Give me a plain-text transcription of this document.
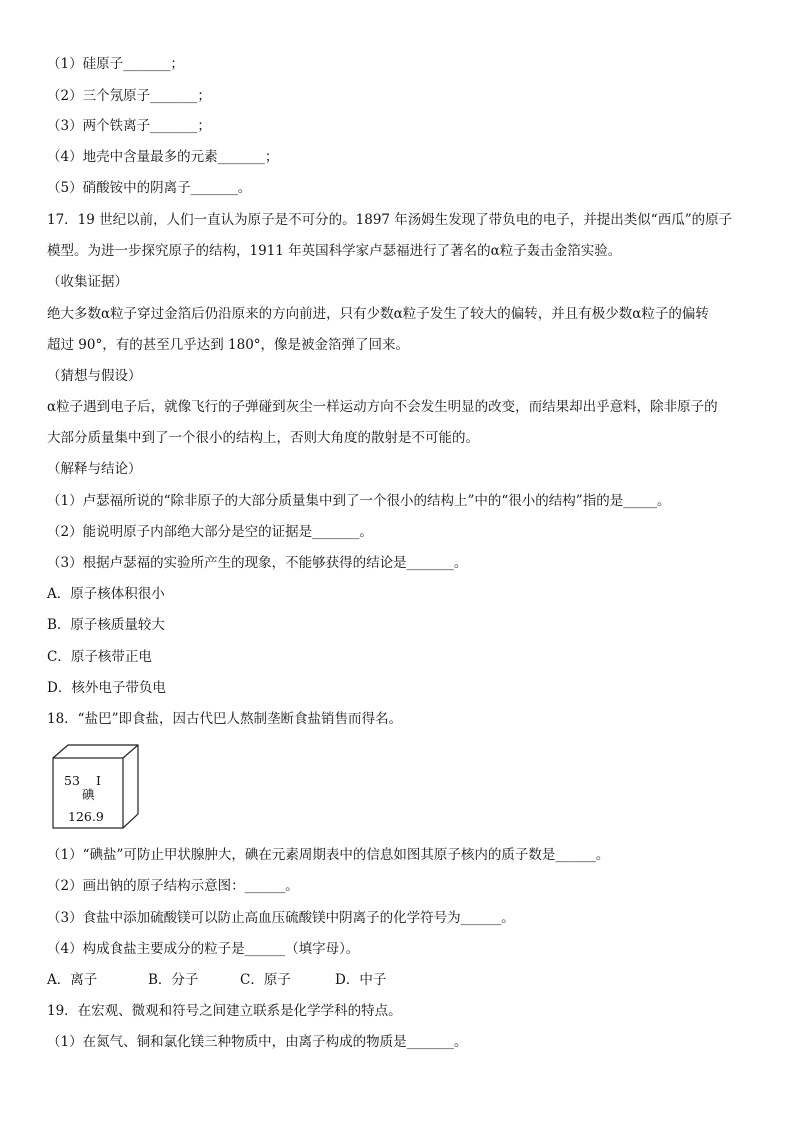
（1）硅原子_______；
（2）三个氖原子_______；
（3）两个铁离子_______；
（4）地壳中含量最多的元素_______；
（5）硝酸铵中的阴离子_______。
17．19 世纪以前，人们一直认为原子是不可分的。1897 年汤姆生发现了带负电的电子，并提出类似“西瓜”的原子
模型。为进一步探究原子的结构，1911 年英国科学家卢瑟福进行了著名的α粒子轰击金箔实验。
（收集证据）
绝大多数α粒子穿过金箔后仍沿原来的方向前进，只有少数α粒子发生了较大的偏转，并且有极少数α粒子的偏转
超过 90°，有的甚至几乎达到 180°，像是被金箔弹了回来。
（猜想与假设）
α粒子遇到电子后，就像飞行的子弹碰到灰尘一样运动方向不会发生明显的改变，而结果却出乎意料，除非原子的
大部分质量集中到了一个很小的结构上，否则大角度的散射是不可能的。
（解释与结论）
（1）卢瑟福所说的“除非原子的大部分质量集中到了一个很小的结构上”中的“很小的结构”指的是_____。
（2）能说明原子内部绝大部分是空的证据是_______。
（3）根据卢瑟福的实验所产生的现象，不能够获得的结论是_______。
A．原子核体积很小
B．原子核质量较大
C．原子核带正电
D．核外电子带负电
18．“盐巴”即食盐，因古代巴人熬制垄断食盐销售而得名。
53 I
碘
126.9
（1）“碘盐”可防止甲状腺肿大，碘在元素周期表中的信息如图其原子核内的质子数是______。
（2）画出钠的原子结构示意图：______。
（3）食盐中添加硫酸镁可以防止高血压硫酸镁中阴离子的化学符号为______。
（4）构成食盐主要成分的粒子是______（填字母）。
A．离子	B．分子	C．原子	D．中子
19．在宏观、微观和符号之间建立联系是化学学科的特点。
（1）在氮气、铜和氯化镁三种物质中，由离子构成的物质是_______。
